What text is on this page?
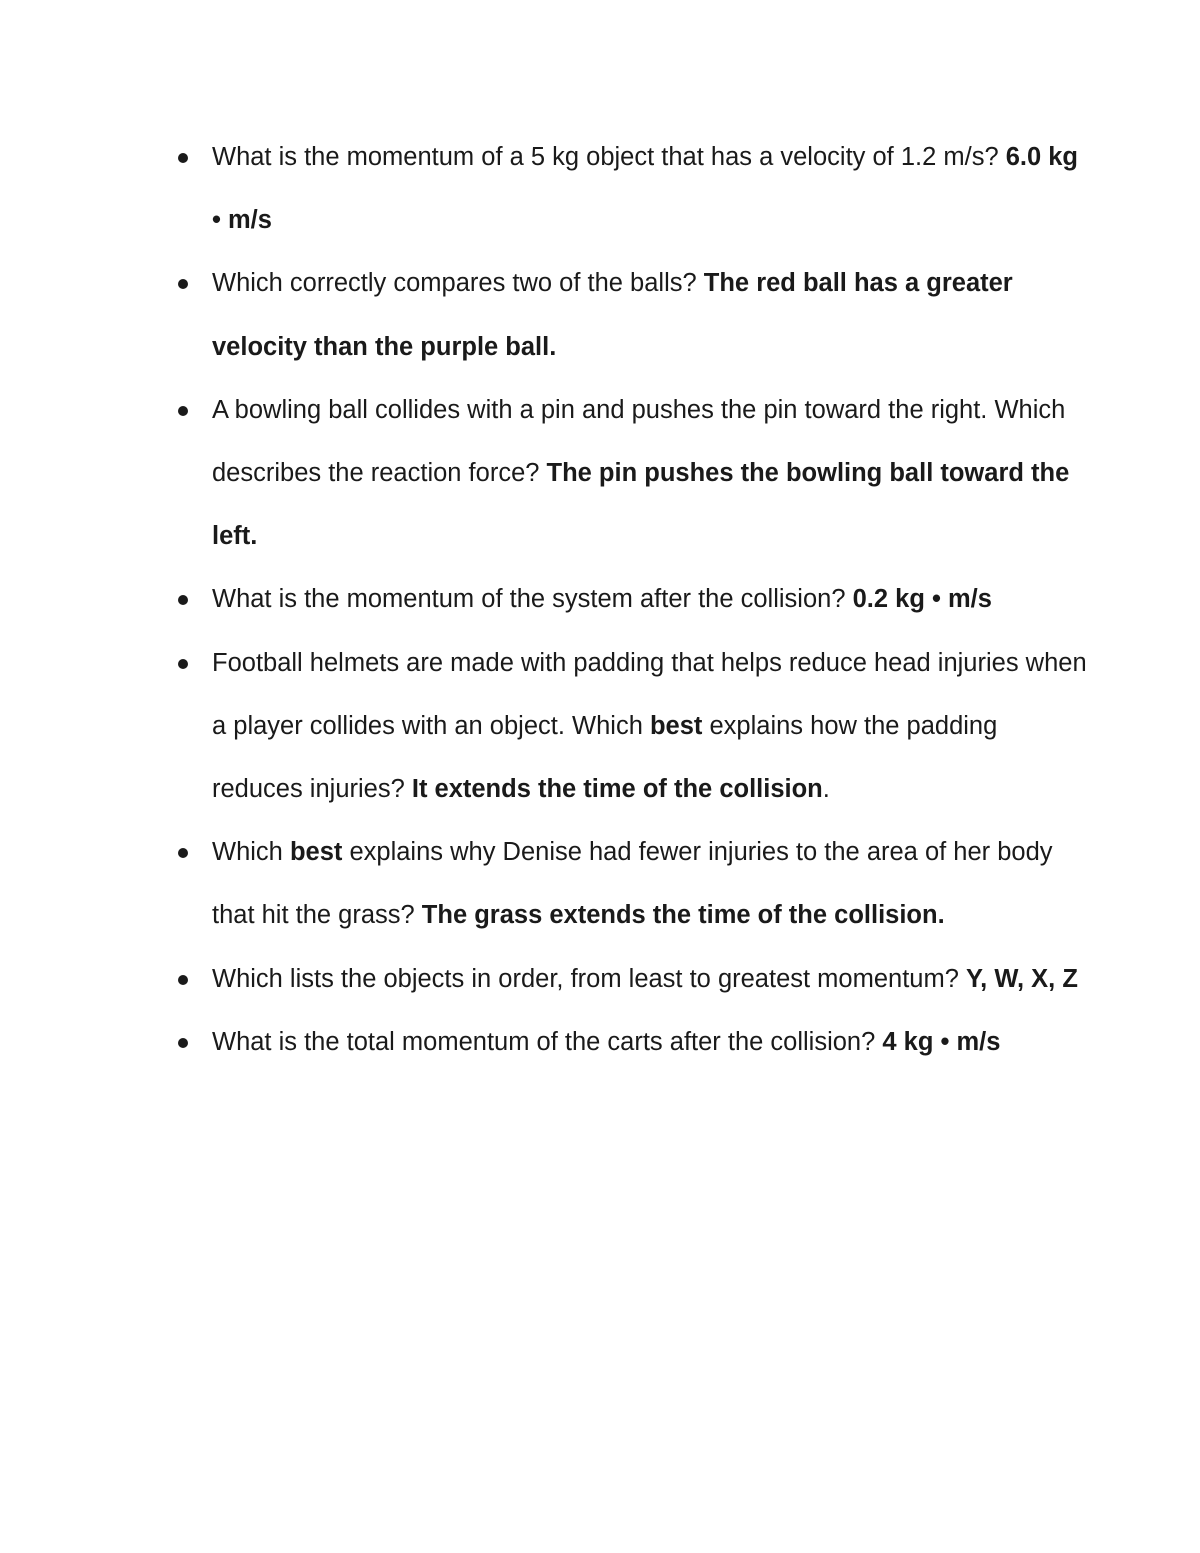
What is the momentum of a 5 kg object that has a velocity of 1.2 m/s? 6.0 kg • m/s
Which correctly compares two of the balls? The red ball has a greater velocity than the purple ball.
A bowling ball collides with a pin and pushes the pin toward the right. Which describes the reaction force? The pin pushes the bowling ball toward the left.
What is the momentum of the system after the collision? 0.2 kg • m/s
Football helmets are made with padding that helps reduce head injuries when a player collides with an object. Which best explains how the padding reduces injuries? It extends the time of the collision.
Which best explains why Denise had fewer injuries to the area of her body that hit the grass? The grass extends the time of the collision.
Which lists the objects in order, from least to greatest momentum? Y, W, X, Z
What is the total momentum of the carts after the collision? 4 kg • m/s
